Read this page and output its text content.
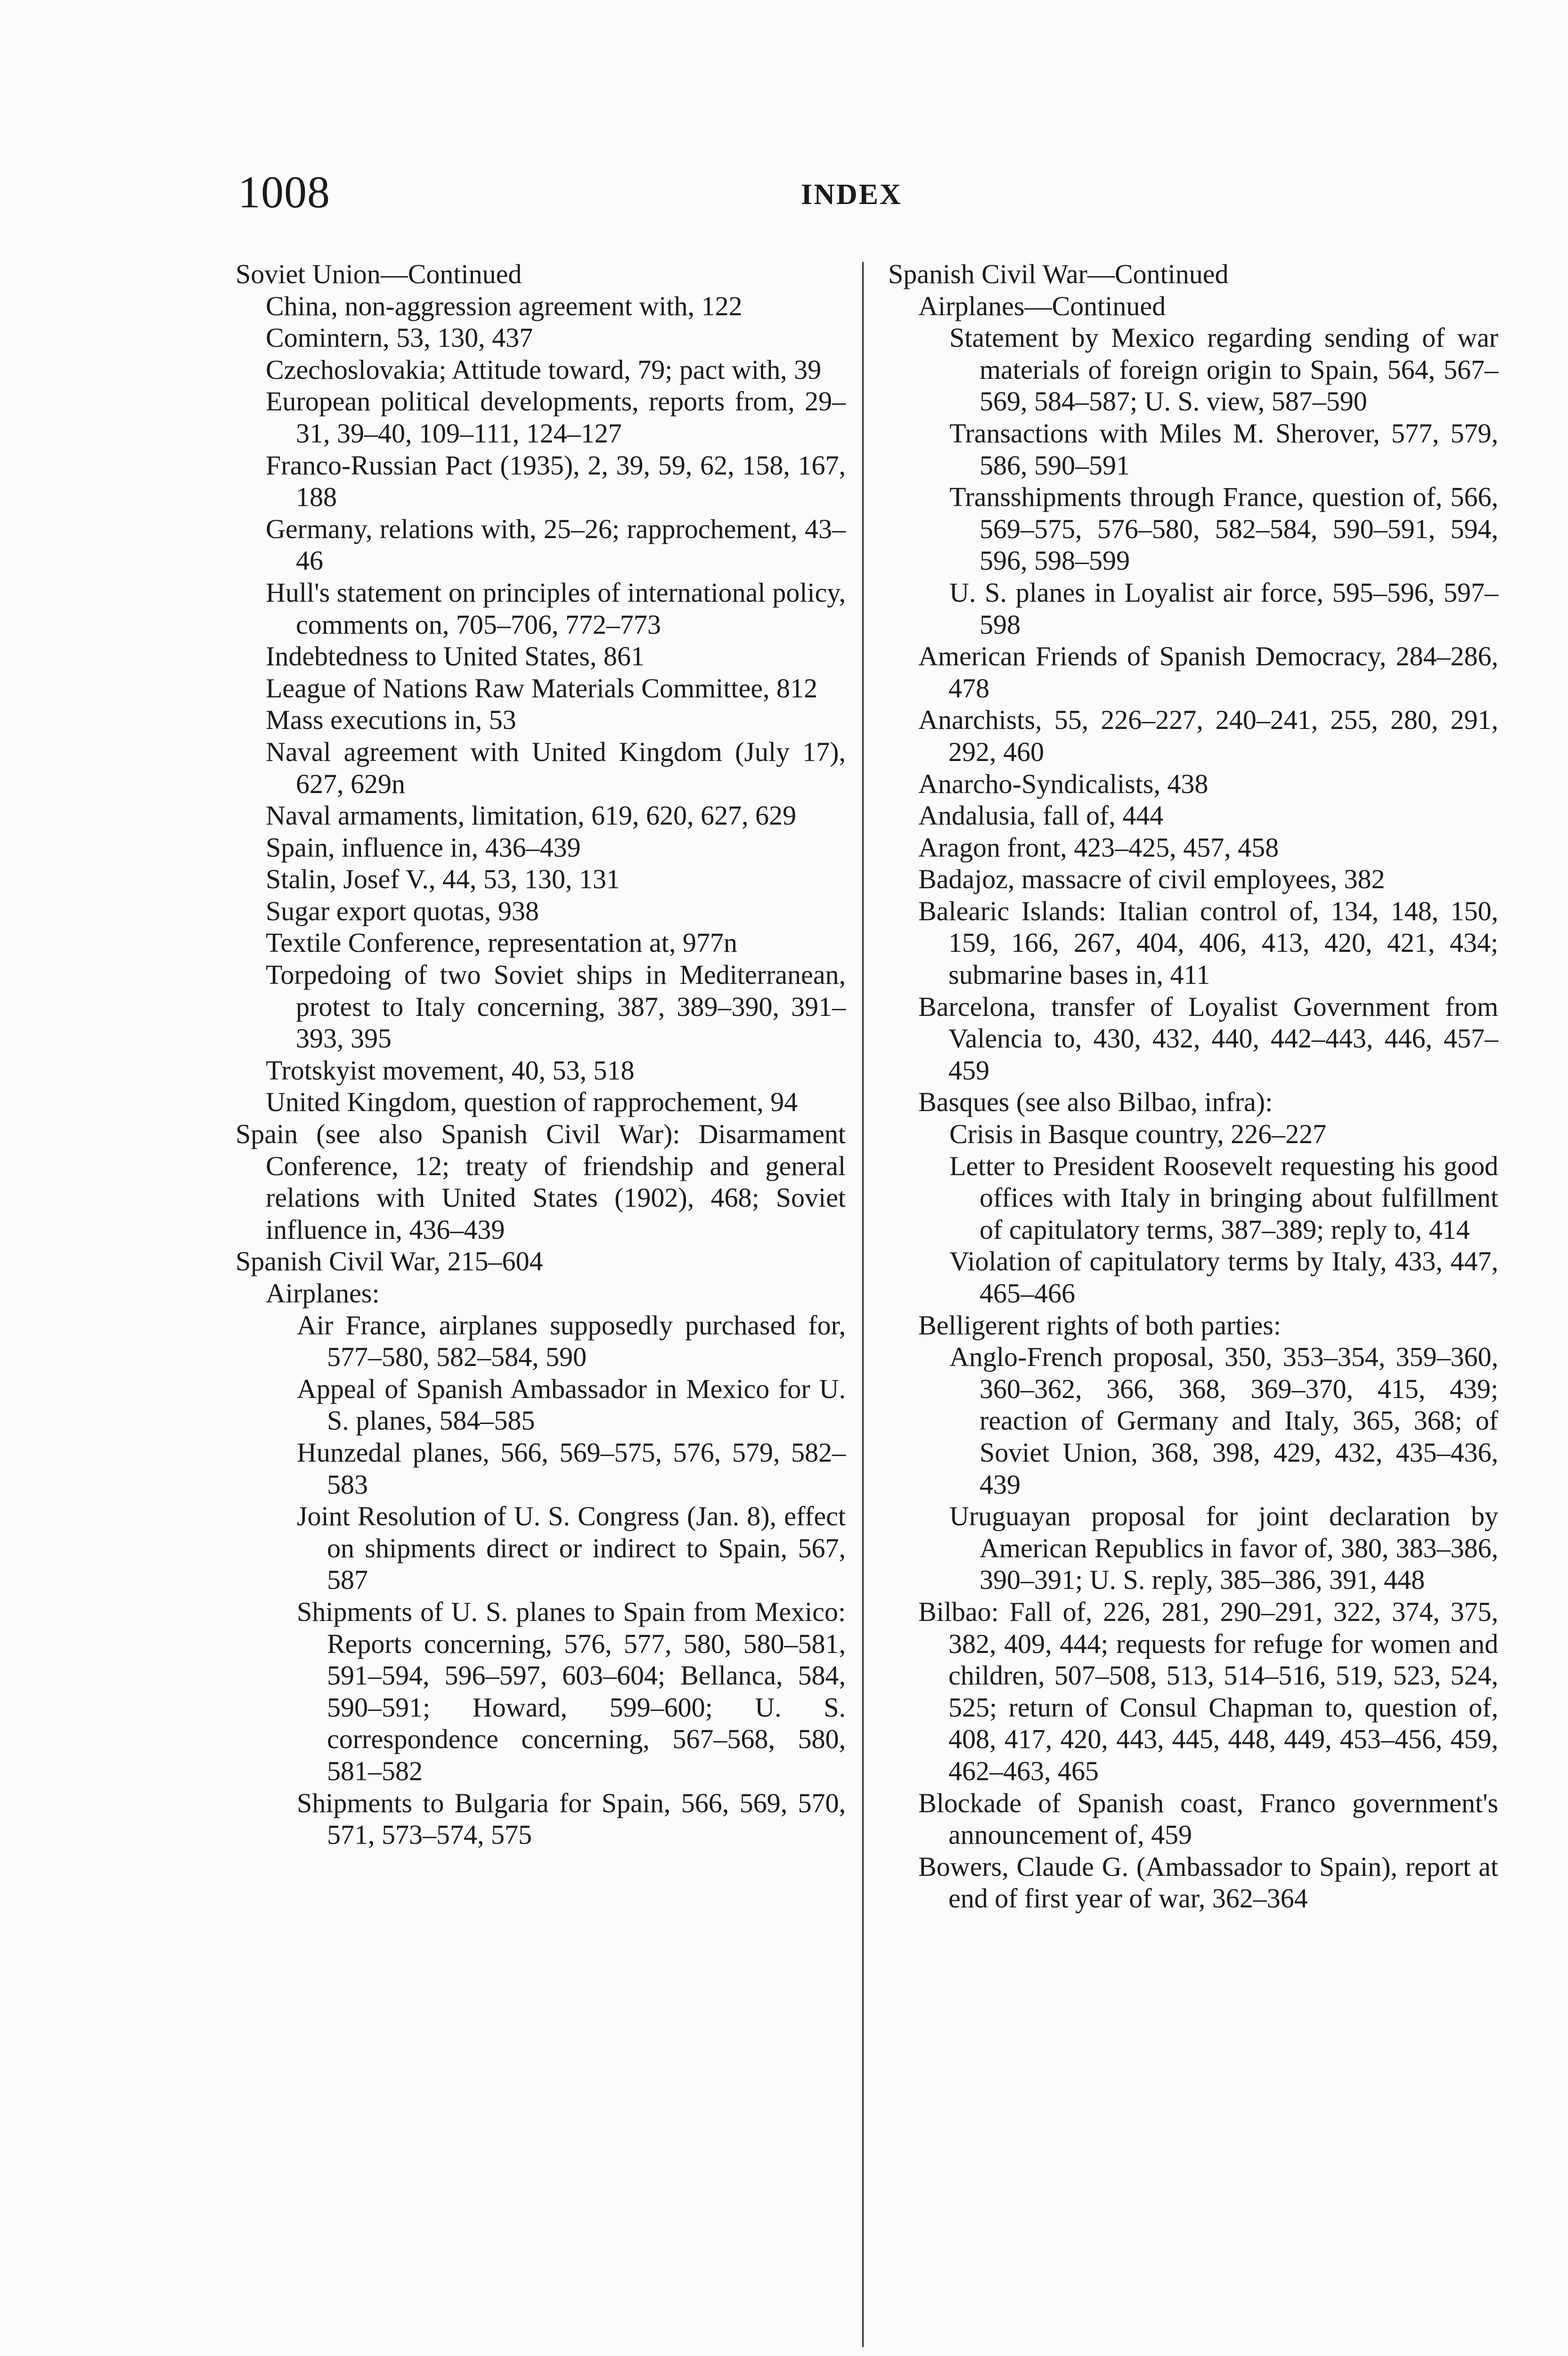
1008	INDEX
Soviet Union—Continued
China, non-aggression agreement with, 122
Comintern, 53, 130, 437
Czechoslovakia; Attitude toward, 79; pact with, 39
European political developments, reports from, 29–31, 39–40, 109–111, 124–127
Franco-Russian Pact (1935), 2, 39, 59, 62, 158, 167, 188
Germany, relations with, 25–26; rapprochement, 43–46
Hull's statement on principles of international policy, comments on, 705–706, 772–773
Indebtedness to United States, 861
League of Nations Raw Materials Committee, 812
Mass executions in, 53
Naval agreement with United Kingdom (July 17), 627, 629n
Naval armaments, limitation, 619, 620, 627, 629
Spain, influence in, 436–439
Stalin, Josef V., 44, 53, 130, 131
Sugar export quotas, 938
Textile Conference, representation at, 977n
Torpedoing of two Soviet ships in Mediterranean, protest to Italy concerning, 387, 389–390, 391–393, 395
Trotskyist movement, 40, 53, 518
United Kingdom, question of rapprochement, 94
Spain (see also Spanish Civil War): Disarmament Conference, 12; treaty of friendship and general relations with United States (1902), 468; Soviet influence in, 436–439
Spanish Civil War, 215–604
Airplanes:
Air France, airplanes supposedly purchased for, 577–580, 582–584, 590
Appeal of Spanish Ambassador in Mexico for U. S. planes, 584–585
Hunzedal planes, 566, 569–575, 576, 579, 582–583
Joint Resolution of U. S. Congress (Jan. 8), effect on shipments direct or indirect to Spain, 567, 587
Shipments of U. S. planes to Spain from Mexico: Reports concerning, 576, 577, 580, 580–581, 591–594, 596–597, 603–604; Bellanca, 584, 590–591; Howard, 599–600; U. S. correspondence concerning, 567–568, 580, 581–582
Shipments to Bulgaria for Spain, 566, 569, 570, 571, 573–574, 575
Spanish Civil War—Continued
Airplanes—Continued
Statement by Mexico regarding sending of war materials of foreign origin to Spain, 564, 567–569, 584–587; U. S. view, 587–590
Transactions with Miles M. Sherover, 577, 579, 586, 590–591
Transshipments through France, question of, 566, 569–575, 576–580, 582–584, 590–591, 594, 596, 598–599
U. S. planes in Loyalist air force, 595–596, 597–598
American Friends of Spanish Democracy, 284–286, 478
Anarchists, 55, 226–227, 240–241, 255, 280, 291, 292, 460
Anarcho-Syndicalists, 438
Andalusia, fall of, 444
Aragon front, 423–425, 457, 458
Badajoz, massacre of civil employees, 382
Balearic Islands: Italian control of, 134, 148, 150, 159, 166, 267, 404, 406, 413, 420, 421, 434; submarine bases in, 411
Barcelona, transfer of Loyalist Government from Valencia to, 430, 432, 440, 442–443, 446, 457–459
Basques (see also Bilbao, infra):
Crisis in Basque country, 226–227
Letter to President Roosevelt requesting his good offices with Italy in bringing about fulfillment of capitulatory terms, 387–389; reply to, 414
Violation of capitulatory terms by Italy, 433, 447, 465–466
Belligerent rights of both parties:
Anglo-French proposal, 350, 353–354, 359–360, 360–362, 366, 368, 369–370, 415, 439; reaction of Germany and Italy, 365, 368; of Soviet Union, 368, 398, 429, 432, 435–436, 439
Uruguayan proposal for joint declaration by American Republics in favor of, 380, 383–386, 390–391; U. S. reply, 385–386, 391, 448
Bilbao: Fall of, 226, 281, 290–291, 322, 374, 375, 382, 409, 444; requests for refuge for women and children, 507–508, 513, 514–516, 519, 523, 524, 525; return of Consul Chapman to, question of, 408, 417, 420, 443, 445, 448, 449, 453–456, 459, 462–463, 465
Blockade of Spanish coast, Franco government's announcement of, 459
Bowers, Claude G. (Ambassador to Spain), report at end of first year of war, 362–364
